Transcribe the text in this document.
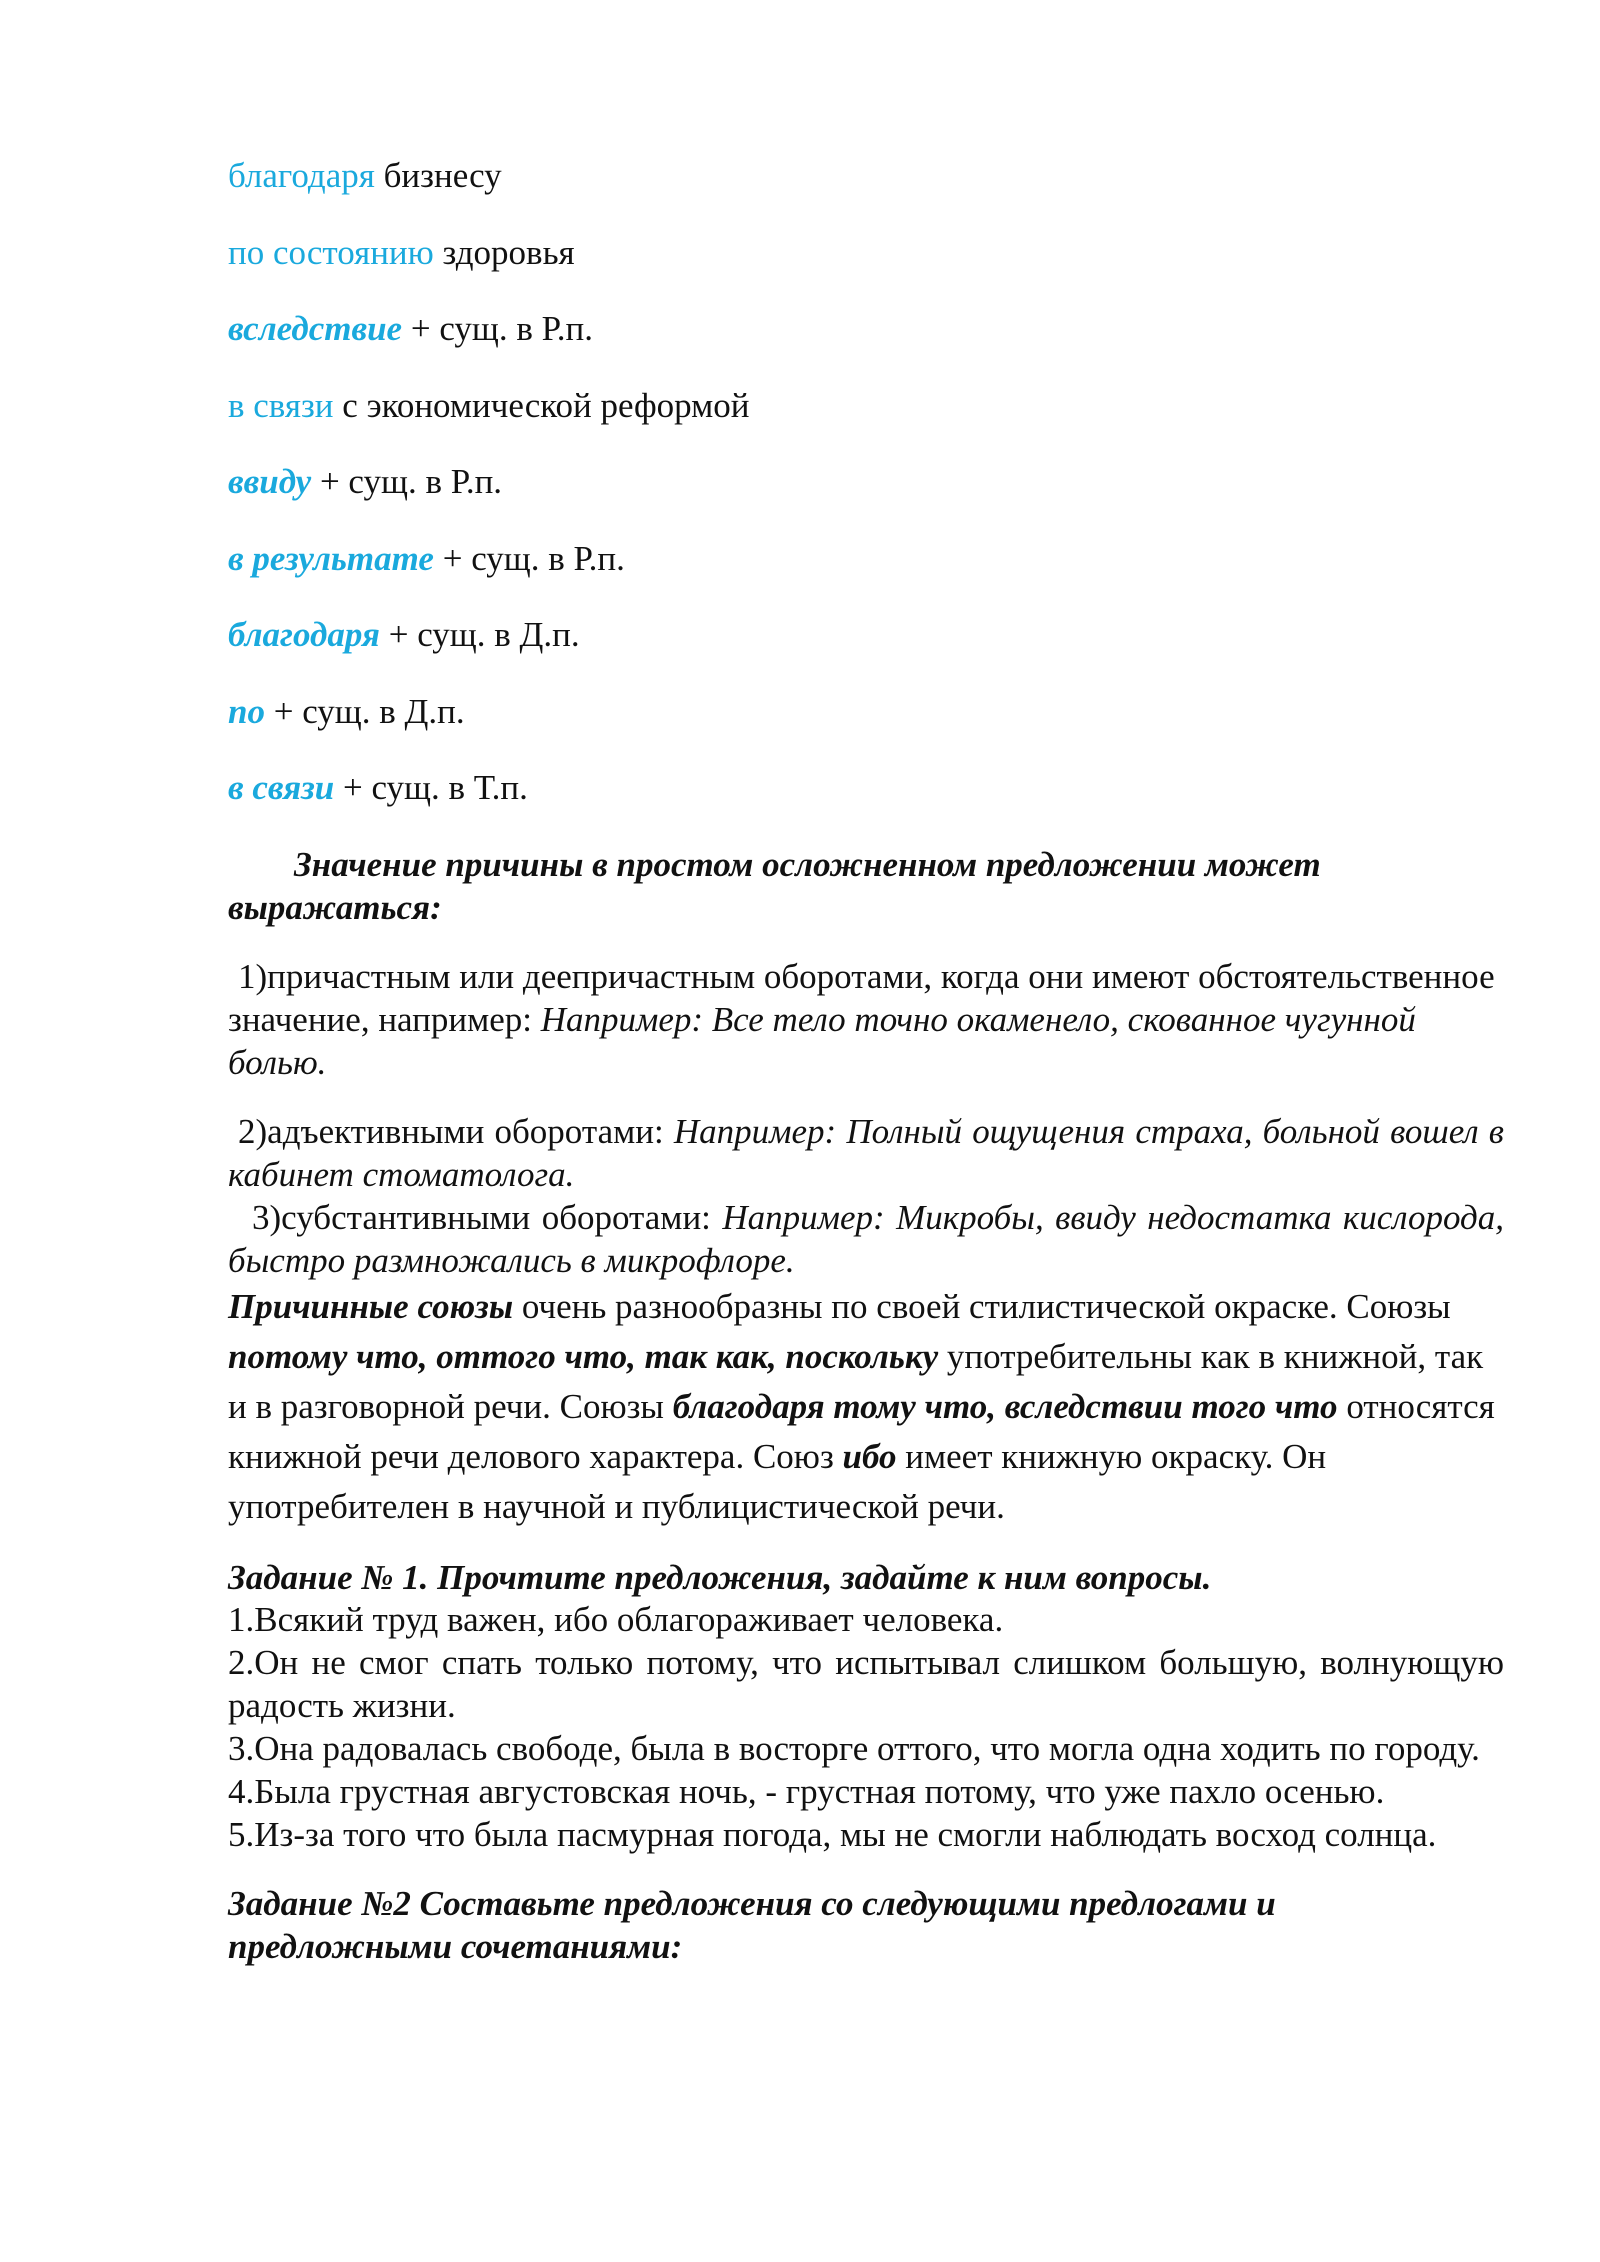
благодаря бизнесу

по состоянию здоровья

вследствие + сущ. в Р.п.

в связи с экономической реформой

ввиду + сущ. в Р.п.

в результате + сущ. в Р.п.

благодаря + сущ. в Д.п.

по + сущ. в Д.п.

в связи + сущ. в Т.п.

Значение причины в простом осложненном предложении может выражаться:

1)причастным или деепричастным оборотами, когда они имеют обстоятельственное значение, например: Например: Все тело точно окаменело, скованное чугунной болью.

2)адъективными оборотами: Например: Полный ощущения страха, больной вошел в кабинет стоматолога.

3)субстантивными оборотами: Например: Микробы, ввиду недостатка кислорода, быстро размножались в микрофлоре.

Причинные союзы очень разнообразны по своей стилистической окраске. Союзы потому что, оттого что, так как, поскольку употребительны как в книжной, так и в разговорной речи. Союзы благодаря тому что, вследствии того что относятся книжной речи делового характера. Союз ибо имеет книжную окраску. Он употребителен в научной и публицистической речи.

Задание № 1. Прочтите предложения, задайте к ним вопросы.

1.Всякий труд важен, ибо облагораживает человека.

2.Он не смог спать только потому, что испытывал слишком большую, волнующую радость жизни.

3.Она радовалась свободе, была в восторге оттого, что могла одна ходить по городу.

4.Была грустная августовская ночь, - грустная потому, что уже пахло осенью.

5.Из-за того что была пасмурная погода, мы не смогли наблюдать восход солнца.

Задание №2 Составьте предложения со следующими предлогами и предложными сочетаниями:
